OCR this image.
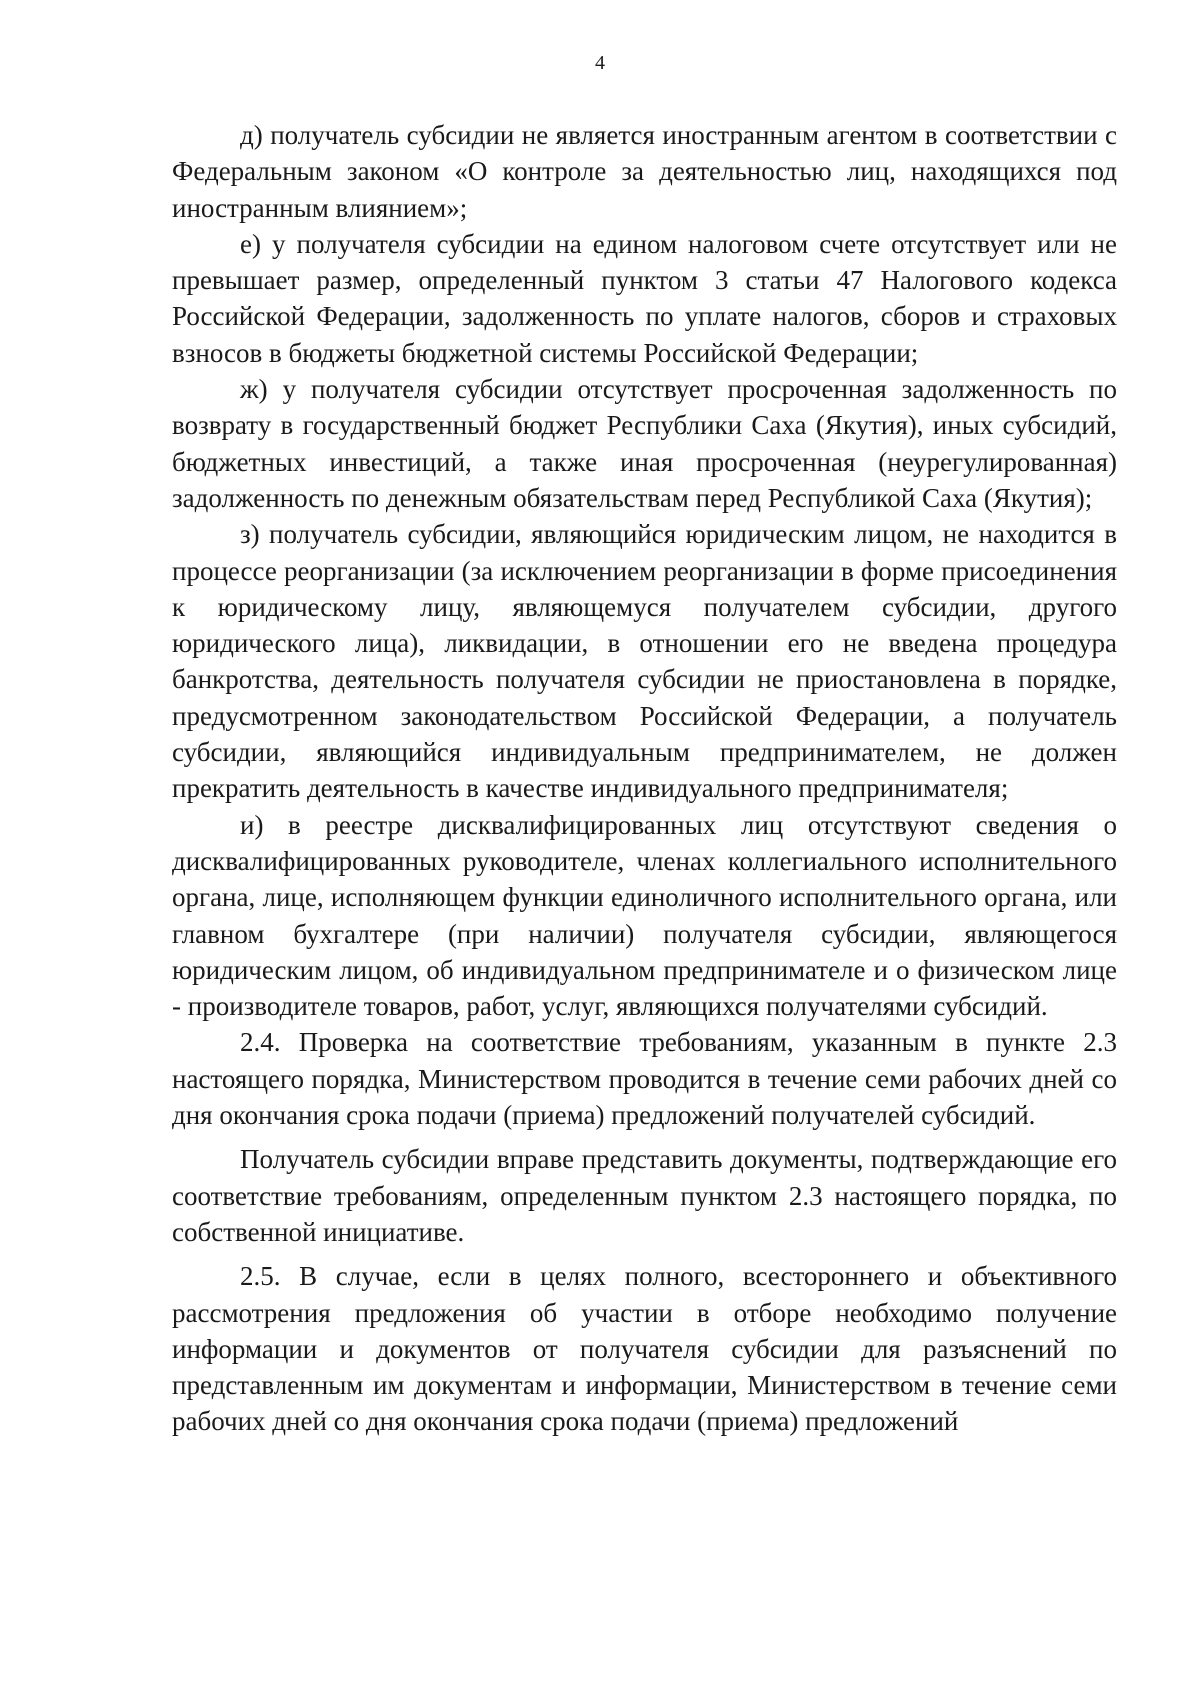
4

д) получатель субсидии не является иностранным агентом в соответствии с Федеральным законом «О контроле за деятельностью лиц, находящихся под иностранным влиянием»;

е) у получателя субсидии на едином налоговом счете отсутствует или не превышает размер, определенный пунктом 3 статьи 47 Налогового кодекса Российской Федерации, задолженность по уплате налогов, сборов и страховых взносов в бюджеты бюджетной системы Российской Федерации;

ж) у получателя субсидии отсутствует просроченная задолженность по возврату в государственный бюджет Республики Саха (Якутия), иных субсидий, бюджетных инвестиций, а также иная просроченная (неурегулированная) задолженность по денежным обязательствам перед Республикой Саха (Якутия);

з) получатель субсидии, являющийся юридическим лицом, не находится в процессе реорганизации (за исключением реорганизации в форме присоединения к юридическому лицу, являющемуся получателем субсидии, другого юридического лица), ликвидации, в отношении его не введена процедура банкротства, деятельность получателя субсидии не приостановлена в порядке, предусмотренном законодательством Российской Федерации, а получатель субсидии, являющийся индивидуальным предпринимателем, не должен прекратить деятельность в качестве индивидуального предпринимателя;

и) в реестре дисквалифицированных лиц отсутствуют сведения о дисквалифицированных руководителе, членах коллегиального исполнительного органа, лице, исполняющем функции единоличного исполнительного органа, или главном бухгалтере (при наличии) получателя субсидии, являющегося юридическим лицом, об индивидуальном предпринимателе и о физическом лице - производителе товаров, работ, услуг, являющихся получателями субсидий.

2.4. Проверка на соответствие требованиям, указанным в пункте 2.3 настоящего порядка, Министерством проводится в течение семи рабочих дней со дня окончания срока подачи (приема) предложений получателей субсидий.

Получатель субсидии вправе представить документы, подтверждающие его соответствие требованиям, определенным пунктом 2.3 настоящего порядка, по собственной инициативе.

2.5. В случае, если в целях полного, всестороннего и объективного рассмотрения предложения об участии в отборе необходимо получение информации и документов от получателя субсидии для разъяснений по представленным им документам и информации, Министерством в течение семи рабочих дней со дня окончания срока подачи (приема) предложений
